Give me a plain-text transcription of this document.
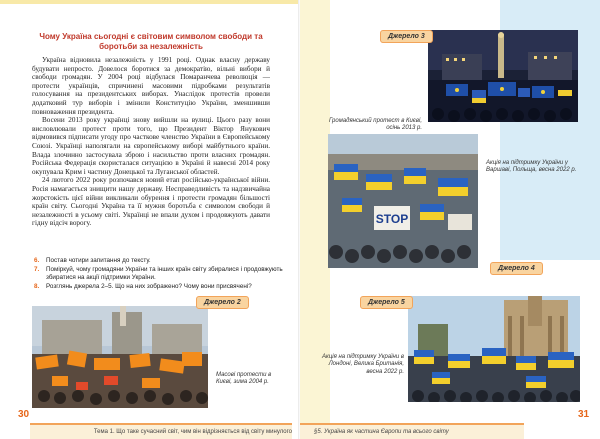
Чому Україна сьогодні є світовим символом свободи та боротьби за незалежність

Україна відновила незалежність у 1991 році. Однак власну державу будувати непросто. Довелося боротися за демократію, вільні вибори й свободи громадян. У 2004 році відбулася Помаранчева революція — протести українців, спричинені масовими підробками результатів голосування на президентських виборах. Унаслідок протестів провели додатковий тур виборів і змінили Конституцію України, зменшивши повноваження президента.

Восени 2013 року українці знову вийшли на вулиці. Цього разу вони висловлювали протест проти того, що Президент Віктор Янукович відмовився підписати угоду про часткове членство України в Європейському Союзі. Українці наполягали на європейському виборі майбутнього країни. Влада злочинно застосувала зброю і насильство проти власних громадян. Російська Федерація скористалася ситуацією в Україні й навесні 2014 року окупувала Крим і частину Донецької та Луганської областей.

24 лютого 2022 року розпочався новий етап російсько-української війни. Росія намагається знищити нашу державу. Несправедливість та надзвичайна жорстокість цієї війни викликали обурення і протести громадян більшості країн світу. Сьогодні Україна та її мужня боротьба є символом свободи й незалежності в усьому світі. Українці не впали духом і продовжують давати гідну відсіч ворогу.

6.	Постав чотири запитання до тексту.
7.	Поміркуй, чому громадяни України та інших країн світу збиралися і продовжують збиратися на акції підтримки України.
8.	Розглянь джерела 2–5. Що на них зображено? Чому вони присвячені?
Джерело 2
Масові протести в Києві, зима 2004 р.
30
Тема 1. Що таке сучасний світ, чим він відрізняється від світу минулого
Джерело 3
Громадянський протест в Києві, осінь 2013 р.
STOP
Акція на підтримку України у Варшаві, Польща, весна 2022 р.
Джерело 4
Джерело 5
Акція на підтримку України в Лондоні, Велика Британія, весна 2022 р.
31
§5. Україна як частина Європи та всього світу
